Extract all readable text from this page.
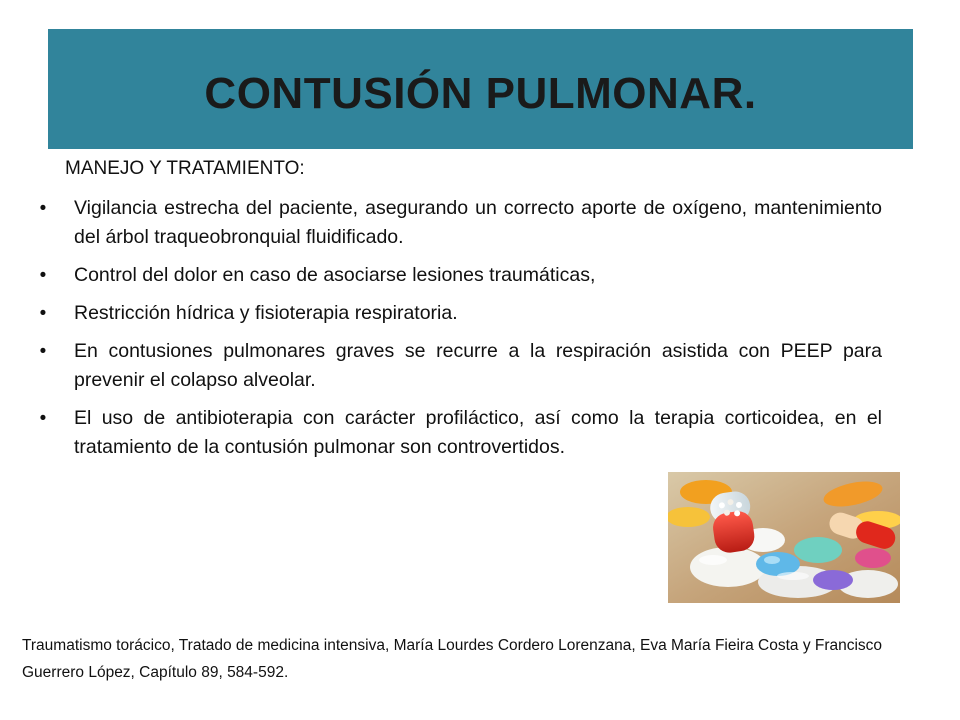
CONTUSIÓN PULMONAR.
MANEJO Y TRATAMIENTO:
• Vigilancia estrecha del paciente, asegurando un correcto aporte de oxígeno, mantenimiento del árbol traqueobronquial fluidificado.
• Control del dolor en caso de asociarse lesiones traumáticas,
• Restricción hídrica y fisioterapia respiratoria.
• En contusiones pulmonares graves se recurre a la respiración asistida con PEEP para prevenir el colapso alveolar.
• El uso de antibioterapia con carácter profiláctico, así como la terapia corticoidea, en el tratamiento de la contusión pulmonar son controvertidos.
Traumatismo torácico, Tratado de medicina intensiva, María Lourdes Cordero Lorenzana, Eva María Fieira Costa y Francisco Guerrero López, Capítulo 89, 584-592.
